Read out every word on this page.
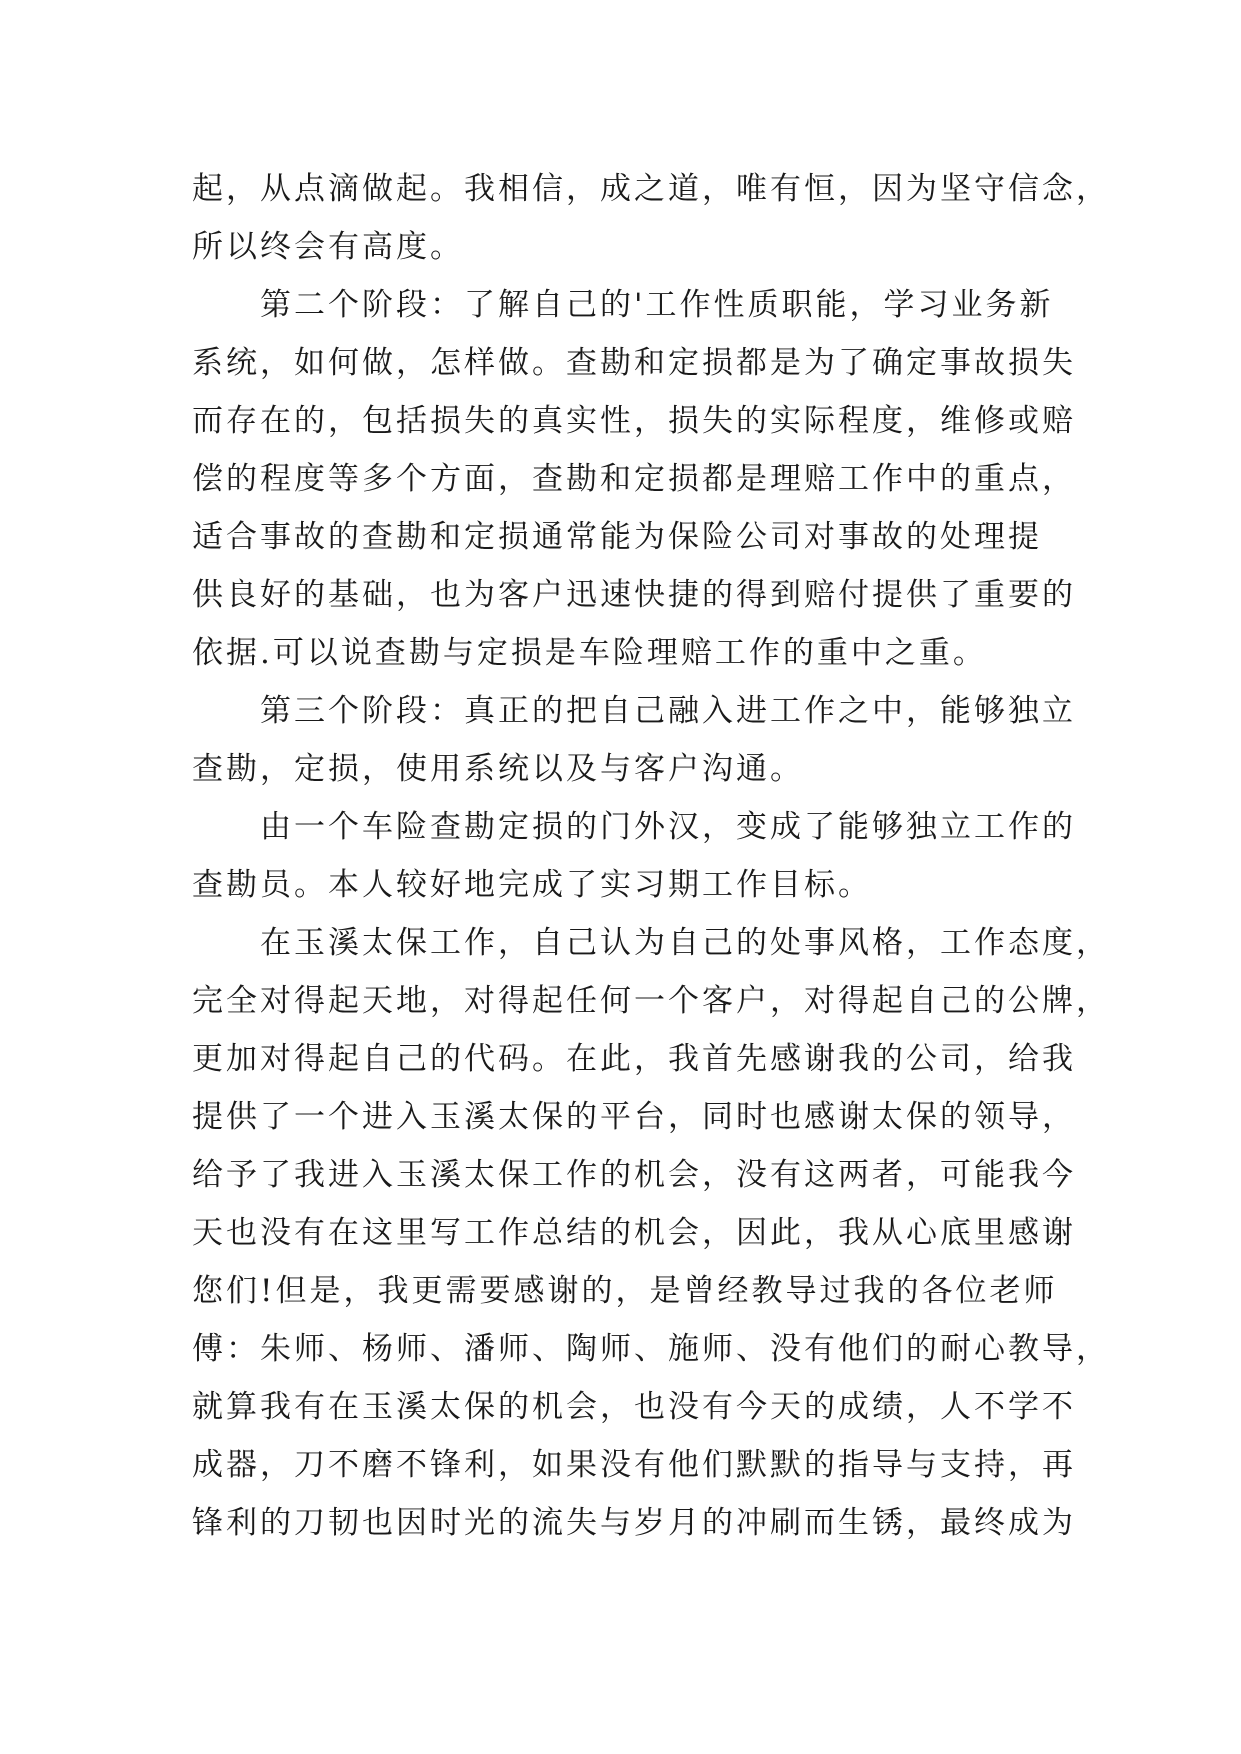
起，从点滴做起。我相信，成之道，唯有恒，因为坚守信念，
所以终会有高度。
　　第二个阶段：了解自己的'工作性质职能，学习业务新
系统，如何做，怎样做。查勘和定损都是为了确定事故损失
而存在的，包括损失的真实性，损失的实际程度，维修或赔
偿的程度等多个方面，查勘和定损都是理赔工作中的重点，
适合事故的查勘和定损通常能为保险公司对事故的处理提
供良好的基础，也为客户迅速快捷的得到赔付提供了重要的
依据.可以说查勘与定损是车险理赔工作的重中之重。
　　第三个阶段：真正的把自己融入进工作之中，能够独立
查勘，定损，使用系统以及与客户沟通。
　　由一个车险查勘定损的门外汉，变成了能够独立工作的
查勘员。本人较好地完成了实习期工作目标。
　　在玉溪太保工作，自己认为自己的处事风格，工作态度，
完全对得起天地，对得起任何一个客户，对得起自己的公牌，
更加对得起自己的代码。在此，我首先感谢我的公司，给我
提供了一个进入玉溪太保的平台，同时也感谢太保的领导，
给予了我进入玉溪太保工作的机会，没有这两者，可能我今
天也没有在这里写工作总结的机会，因此，我从心底里感谢
您们!但是，我更需要感谢的，是曾经教导过我的各位老师
傅：朱师、杨师、潘师、陶师、施师、没有他们的耐心教导，
就算我有在玉溪太保的机会，也没有今天的成绩，人不学不
成器，刀不磨不锋利，如果没有他们默默的指导与支持，再
锋利的刀韧也因时光的流失与岁月的冲刷而生锈，最终成为
